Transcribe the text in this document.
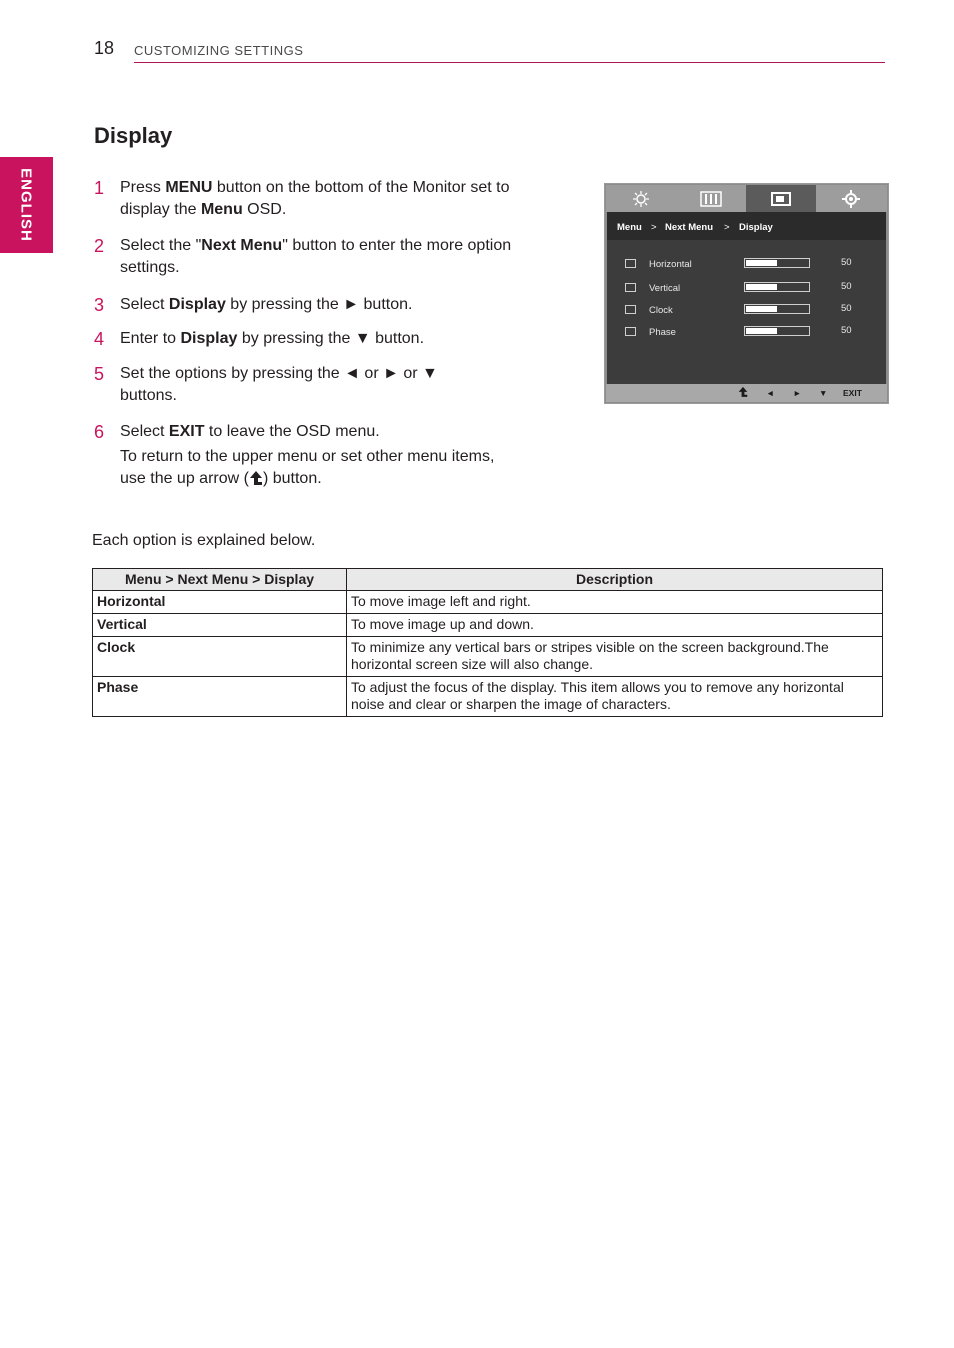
18 CUSTOMIZING SETTINGS
ENGLISH
Display
1 Press MENU button on the bottom of the Monitor set to display the Menu OSD.
2 Select the "Next Menu" button to enter the more option settings.
3 Select Display by pressing the ► button.
4 Enter to Display by pressing the ▼ button.
5 Set the options by pressing the ◄ or ► or ▼ buttons.
6 Select EXIT to leave the OSD menu.
To return to the upper menu or set other menu items, use the up arrow ( ) button.
Menu > Next Menu > Display
Horizontal	50
Vertical	50
Clock	50
Phase	50
◄ ► ▼ EXIT
Each option is explained below.
Menu > Next Menu > Display	Description
Horizontal	To move image left and right.
Vertical	To move image up and down.
Clock	To minimize any vertical bars or stripes visible on the screen background.The horizontal screen size will also change.
Phase	To adjust the focus of the display. This item allows you to remove any horizontal noise and clear or sharpen the image of characters.
